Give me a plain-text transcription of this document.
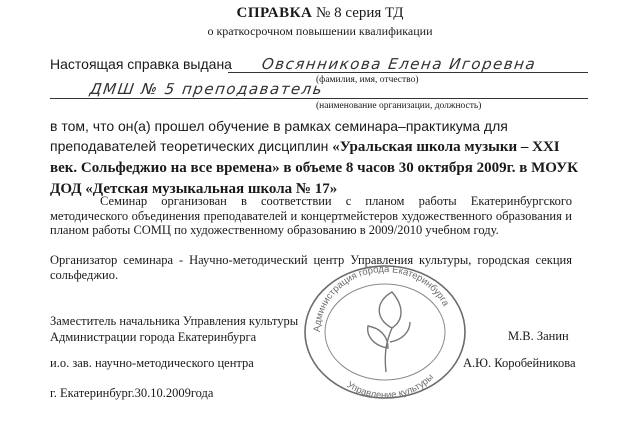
СПРАВКА № 8 серия ТД
о краткосрочном повышении квалификации
Настоящая справка выдана Овсянникова Елена Игоревна
(фамилия, имя, отчество)
ДМШ № 5 преподаватель
(наименование организации, должность)
в том, что он(а) прошел обучение в рамках семинара–практикума для преподавателей теоретических дисциплин «Уральская школа музыки – XXI век. Сольфеджио на все времена» в объеме 8 часов 30 октября 2009г. в МОУК ДОД «Детская музыкальная школа № 17»
Семинар организован в соответствии с планом работы Екатеринбургского методического объединения преподавателей и концертмейстеров художественного образования и планом работы СОМЦ по художественному образованию в 2009/2010 учебном году.
Организатор семинара - Научно-методический центр Управления культуры, городская секция сольфеджио.
Заместитель начальника Управления культуры
Администрации города Екатеринбурга	М.В. Занин
и.о. зав. научно-методического центра	А.Ю. Коробейникова
г. Екатеринбург.30.10.2009года
Администрация города Екатеринбурга
Управление культуры
